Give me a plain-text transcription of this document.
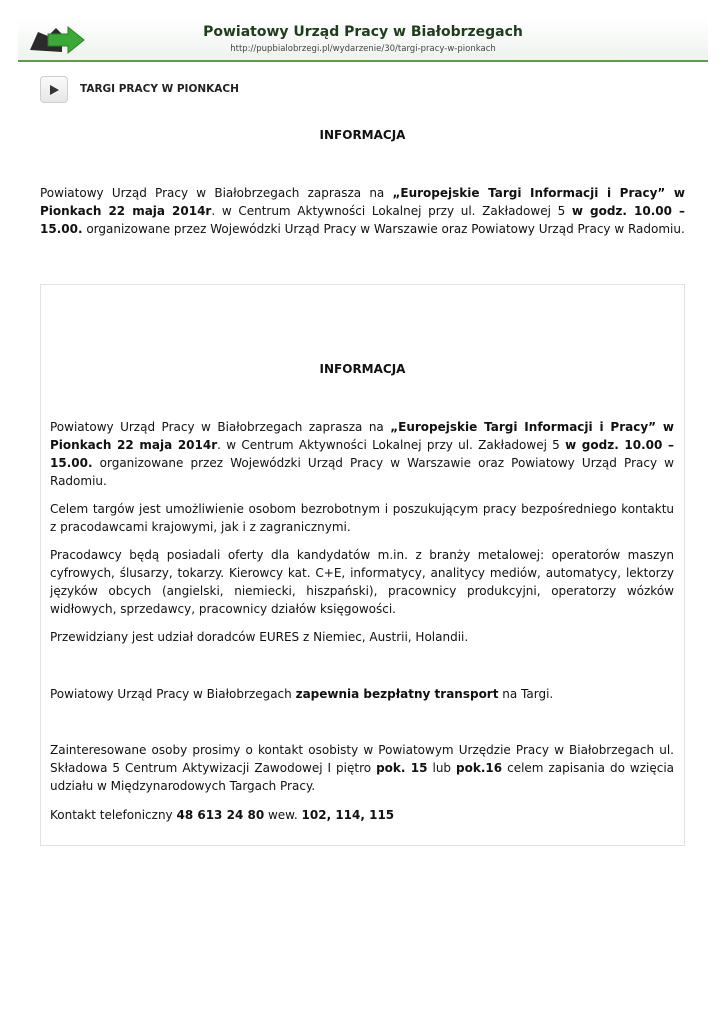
Powiatowy Urząd Pracy w Białobrzegach
http://pupbialobrzegi.pl/wydarzenie/30/targi-pracy-w-pionkach
TARGI PRACY W PIONKACH
INFORMACJA

Powiatowy Urząd Pracy w Białobrzegach zaprasza na „Europejskie Targi Informacji i Pracy” w Pionkach 22 maja 2014r. w Centrum Aktywności Lokalnej przy ul. Zakładowej 5 w godz. 10.00 – 15.00. organizowane przez Wojewódzki Urząd Pracy w Warszawie oraz Powiatowy Urząd Pracy w Radomiu.

INFORMACJA

Powiatowy Urząd Pracy w Białobrzegach zaprasza na „Europejskie Targi Informacji i Pracy” w Pionkach 22 maja 2014r. w Centrum Aktywności Lokalnej przy ul. Zakładowej 5 w godz. 10.00 – 15.00. organizowane przez Wojewódzki Urząd Pracy w Warszawie oraz Powiatowy Urząd Pracy w Radomiu.

Celem targów jest umożliwienie osobom bezrobotnym i poszukującym pracy bezpośredniego kontaktu z pracodawcami krajowymi, jak i z zagranicznymi.

Pracodawcy będą posiadali oferty dla kandydatów m.in. z branży metalowej: operatorów maszyn cyfrowych, ślusarzy, tokarzy. Kierowcy kat. C+E, informatycy, analitycy mediów, automatycy, lektorzy języków obcych (angielski, niemiecki, hiszpański), pracownicy produkcyjni, operatorzy wózków widłowych, sprzedawcy, pracownicy działów księgowości.

Przewidziany jest udział doradców EURES z Niemiec, Austrii, Holandii.

Powiatowy Urząd Pracy w Białobrzegach zapewnia bezpłatny transport na Targi.

Zainteresowane osoby prosimy o kontakt osobisty w Powiatowym Urzędzie Pracy w Białobrzegach ul. Składowa 5 Centrum Aktywizacji Zawodowej I piętro pok. 15 lub pok.16 celem zapisania do wzięcia udziału w Międzynarodowych Targach Pracy.

Kontakt telefoniczny 48 613 24 80 wew. 102, 114, 115
